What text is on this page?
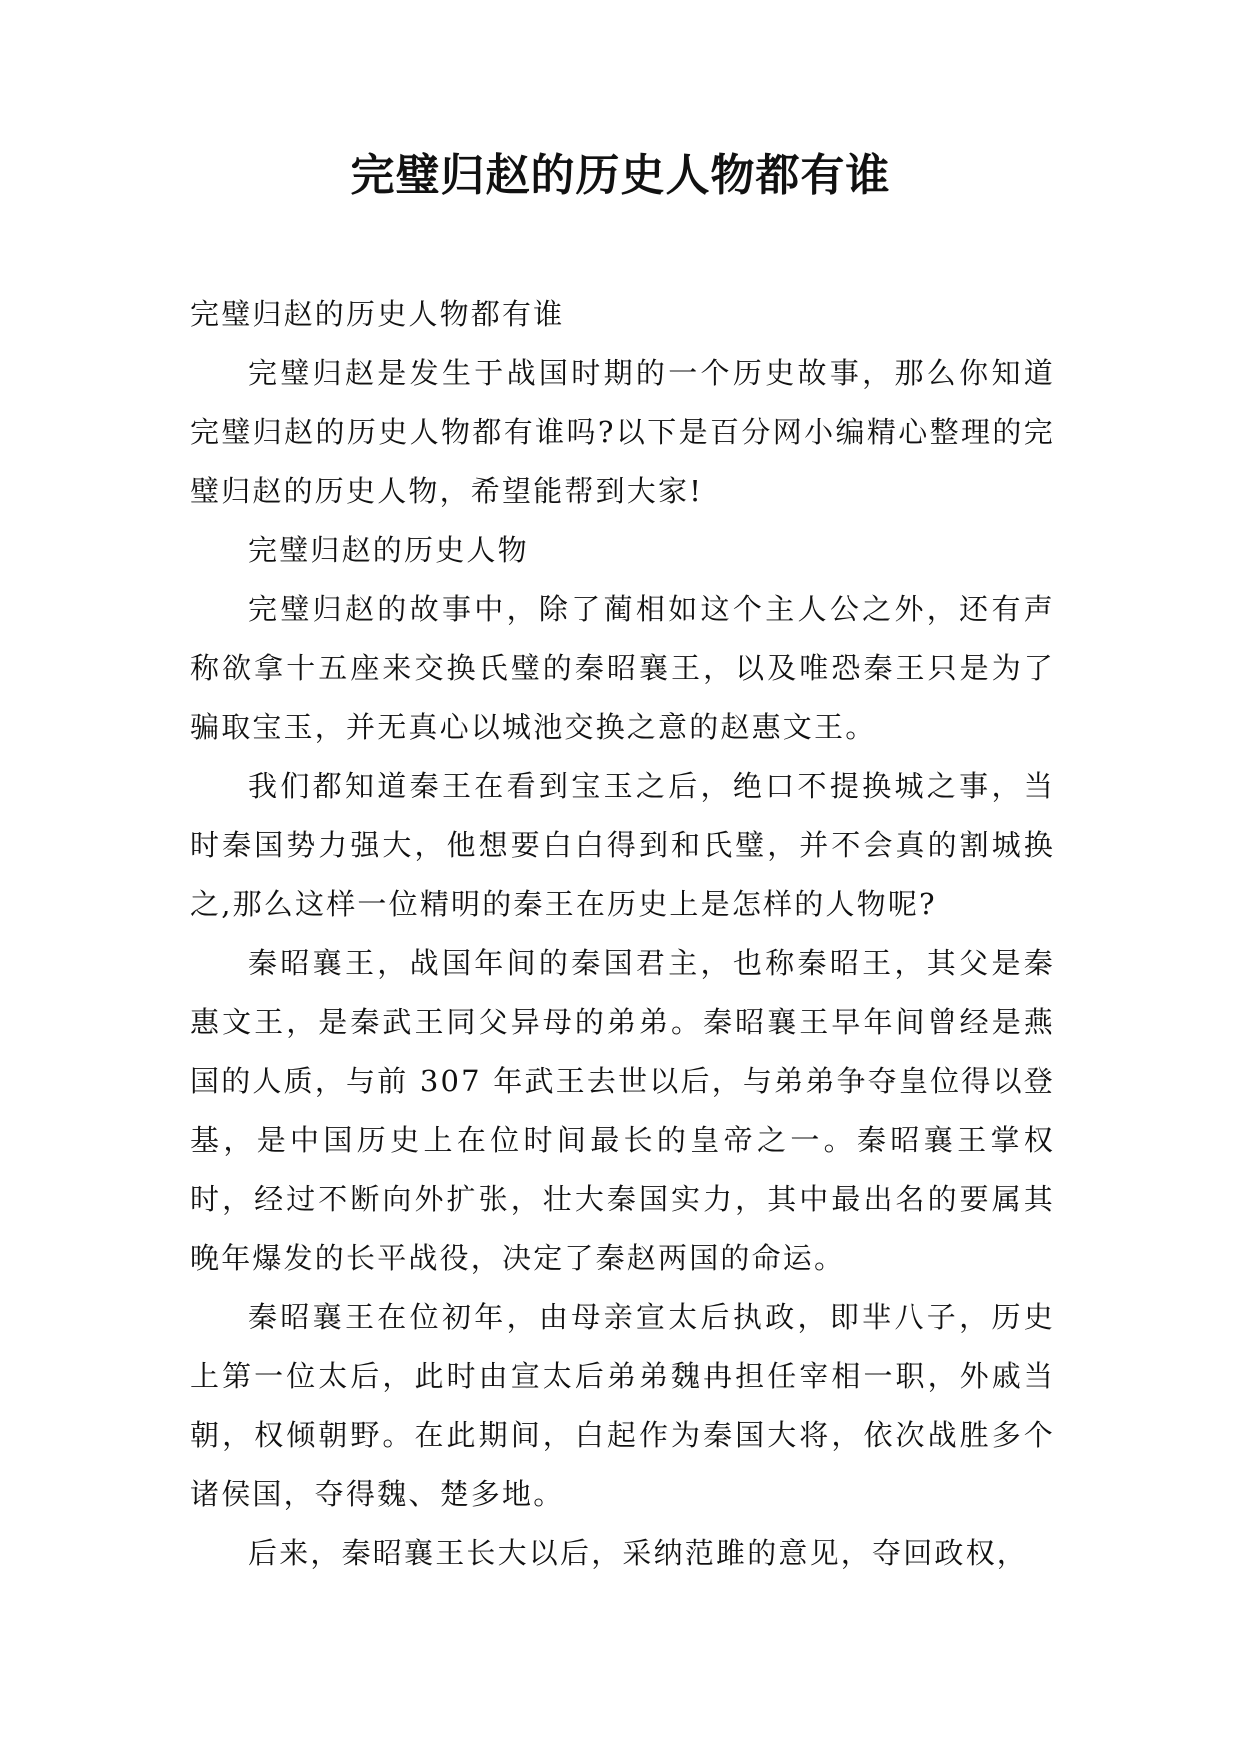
完璧归赵的历史人物都有谁

完璧归赵的历史人物都有谁

完璧归赵是发生于战国时期的一个历史故事，那么你知道完璧归赵的历史人物都有谁吗?以下是百分网小编精心整理的完璧归赵的历史人物，希望能帮到大家!

完璧归赵的历史人物

完璧归赵的故事中，除了蔺相如这个主人公之外，还有声称欲拿十五座来交换氏璧的秦昭襄王，以及唯恐秦王只是为了骗取宝玉，并无真心以城池交换之意的赵惠文王。

我们都知道秦王在看到宝玉之后，绝口不提换城之事，当时秦国势力强大，他想要白白得到和氏璧，并不会真的割城换之,那么这样一位精明的秦王在历史上是怎样的人物呢?

秦昭襄王，战国年间的秦国君主，也称秦昭王，其父是秦惠文王，是秦武王同父异母的弟弟。秦昭襄王早年间曾经是燕国的人质，与前 307 年武王去世以后，与弟弟争夺皇位得以登基，是中国历史上在位时间最长的皇帝之一。秦昭襄王掌权时，经过不断向外扩张，壮大秦国实力，其中最出名的要属其晚年爆发的长平战役，决定了秦赵两国的命运。

秦昭襄王在位初年，由母亲宣太后执政，即芈八子，历史上第一位太后，此时由宣太后弟弟魏冉担任宰相一职，外戚当朝，权倾朝野。在此期间，白起作为秦国大将，依次战胜多个诸侯国，夺得魏、楚多地。

后来，秦昭襄王长大以后，采纳范雎的意见，夺回政权，
